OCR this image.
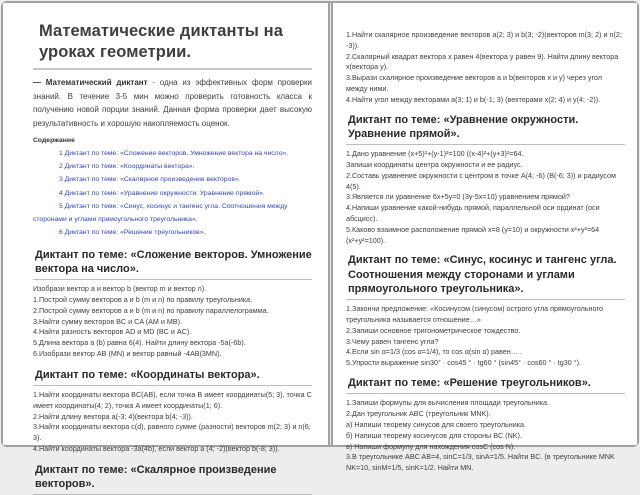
Математические диктанты на уроках геометрии.

— Математический диктант - одна из эффективных форм проверки знаний. В течение 3-5 мин можно проверить готовность класса к получению новой порции знаний. Данная форма проверки дает высокую результативность и хорошую накопляемость оценок.

Содержание

1 Диктант по теме: «Сложение векторов. Умножение вектора на число».

2 Диктант по теме: «Координаты вектора».

3 Диктант по теме: «Скалярное произведение векторов».

4 Диктант по теме: «Уравнение окружности. Уравнение прямой».

5 Диктант по теме: «Синус, косинус и тангенс угла. Соотношения между сторонами и углами прямоугольного треугольника».

6 Диктант по теме: «Решение треугольников».

Диктант по теме: «Сложение векторов. Умножение вектора на число».

Изобрази вектор a и вектор b (вектор m и вектор n).

1.Построй сумму векторов a и b (m и n) по правилу треугольника.

2.Построй сумму векторов a и b (m и n) по правилу параллелограмма.

3.Найти сумму векторов BC и CA (AM и MB).

4.Найти разность векторов AD и MD (BC и AC).

5.Длина вектора a (b) равна 6(4). Найти длину вектора -5a(-6b).

6.Изобрази вектор AB (MN) и вектор равный -4AB(3MN).

Диктант по теме: «Координаты вектора».

1.Найти координаты вектора BC(AB), если точка B имеет координаты(5; 3), точка C имеет координаты(4; 2), точка A имеет координаты(1; 6).

2.Найти длину вектора a(-3; 4)(вектора b(4; -3)).

3.Найти координаты вектора c(d), равного сумме (разности) векторов m(2; 3) и n(6; 3).

4.Найти координаты вектора -3a(4b), если вектор a (4; -2)(вектор b(-8; 3)).

Диктант по теме: «Скалярное произведение векторов».

1.Найти скалярное произведение векторов a(2; 3) и b(3; -2)(векторов m(3; 2) и n(2; -3)).

2.Скалярный квадрат вектора x равен 4(вектора y равен 9). Найти длину вектора x(вектора y).

3.Вырази скалярное произведение векторов a и b(векторов x и y) через угол между ними.

4.Найти угол между векторами a(3; 1) и b(-1; 3) (векторами x(2; 4) и y(4; -2)).

Диктант по теме: «Уравнение окружности. Уравнение прямой».

1.Дано уравнение (x+5)²+(y-1)²=100 ((x-4)²+(y+3)²=64.

Запиши координаты центра окружности и ее радиус.

2.Составь уравнение окружности с центром в точке A(4; -6) (B(-6; 3)) и радиусом 4(5).

3.Является ли уравнение 6x+5y=0 (3y-5x=10) уравнением прямой?

4.Напиши уравнение какой-нибудь прямой, параллельной оси ординат (оси абсцисс).

5.Каково взаимное расположение прямой x=8 (y=10) и окружности x²+y²=64 (x²+y²=100).

Диктант по теме: «Синус, косинус и тангенс угла. Соотношения между сторонами и углами прямоугольного треугольника».

1.Закончи предложение: «Косинусом (синусом) острого угла прямоугольного треугольника называется отношение…»

2.Запиши основное тригонометрическое тождество.

3.Чему равен тангенс угла?

4.Если sin α=1/3 (cos α=1/4), то cos α(sin α) равен… .

5.Упрости выражение sin30° · cos45 ° · tg60 ° (sin45° · cos60 ° · tg30 °).

Диктант по теме: «Решение треугольников».

1.Запиши формулы для вычисления площади треугольника.

2.Дан треугольник ABC (треугольник MNK).

а) Напиши теорему синусов для своего треугольника.

б) Напиши теорему косинусов для стороны BC (NK).

в) Напиши формулу для нахождения cosC (cos N).

3.В треугольнике ABC AB=4, sinC=1/3, sinA=1/5. Найти BC. (в треугольнике MNK NK=10, sinM=1/5, sinK=1/2. Найти MN.
